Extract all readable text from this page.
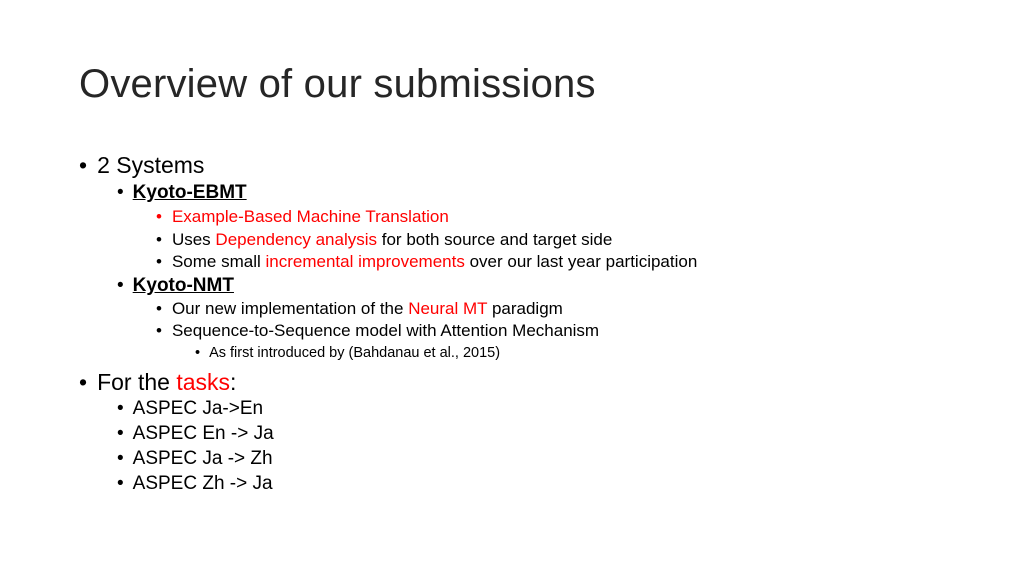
Overview of our submissions
• 2 Systems
• Kyoto-EBMT
• Example-Based Machine Translation
• Uses Dependency analysis for both source and target side
• Some small incremental improvements over our last year participation
• Kyoto-NMT
• Our new implementation of the Neural MT paradigm
• Sequence-to-Sequence model with Attention Mechanism
• As first introduced by (Bahdanau et al., 2015)
• For the tasks:
• ASPEC Ja->En
• ASPEC En -> Ja
• ASPEC Ja -> Zh
• ASPEC Zh -> Ja
